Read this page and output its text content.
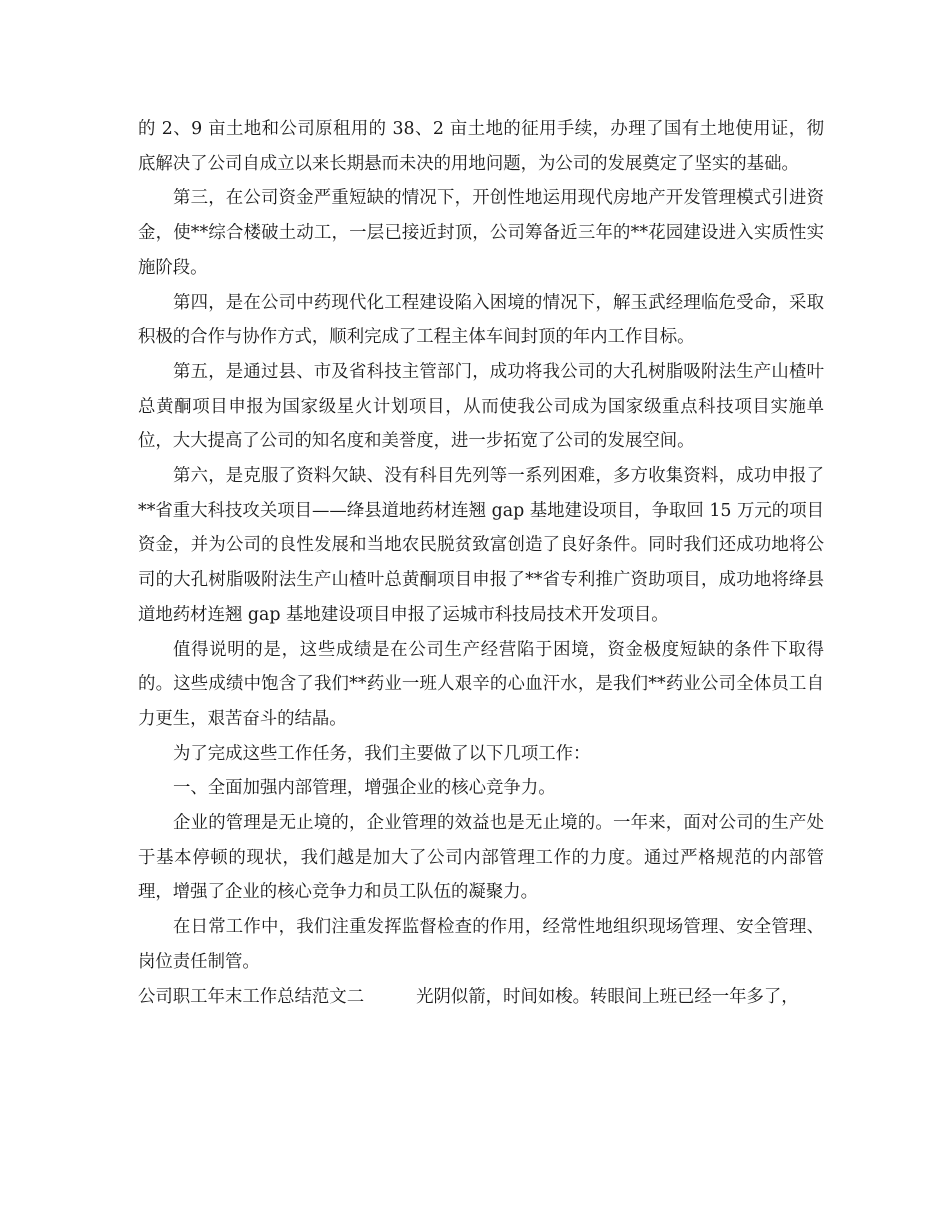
的 2、9 亩土地和公司原租用的 38、2 亩土地的征用手续，办理了国有土地使用证，彻底解决了公司自成立以来长期悬而未决的用地问题，为公司的发展奠定了坚实的基础。

第三，在公司资金严重短缺的情况下，开创性地运用现代房地产开发管理模式引进资金，使**综合楼破土动工，一层已接近封顶，公司筹备近三年的**花园建设进入实质性实施阶段。

第四，是在公司中药现代化工程建设陷入困境的情况下，解玉武经理临危受命，采取积极的合作与协作方式，顺利完成了工程主体车间封顶的年内工作目标。

第五，是通过县、市及省科技主管部门，成功将我公司的大孔树脂吸附法生产山楂叶总黄酮项目申报为国家级星火计划项目，从而使我公司成为国家级重点科技项目实施单位，大大提高了公司的知名度和美誉度，进一步拓宽了公司的发展空间。

第六，是克服了资料欠缺、没有科目先列等一系列困难，多方收集资料，成功申报了**省重大科技攻关项目——绛县道地药材连翘 gap 基地建设项目，争取回 15 万元的项目资金，并为公司的良性发展和当地农民脱贫致富创造了良好条件。同时我们还成功地将公司的大孔树脂吸附法生产山楂叶总黄酮项目申报了**省专利推广资助项目，成功地将绛县道地药材连翘 gap 基地建设项目申报了运城市科技局技术开发项目。

值得说明的是，这些成绩是在公司生产经营陷于困境，资金极度短缺的条件下取得的。这些成绩中饱含了我们**药业一班人艰辛的心血汗水，是我们**药业公司全体员工自力更生，艰苦奋斗的结晶。

为了完成这些工作任务，我们主要做了以下几项工作：

一、全面加强内部管理，增强企业的核心竞争力。

企业的管理是无止境的，企业管理的效益也是无止境的。一年来，面对公司的生产处于基本停顿的现状，我们越是加大了公司内部管理工作的力度。通过严格规范的内部管理，增强了企业的核心竞争力和员工队伍的凝聚力。

在日常工作中，我们注重发挥监督检查的作用，经常性地组织现场管理、安全管理、岗位责任制管。

公司职工年末工作总结范文二	光阴似箭，时间如梭。转眼间上班已经一年多了，
